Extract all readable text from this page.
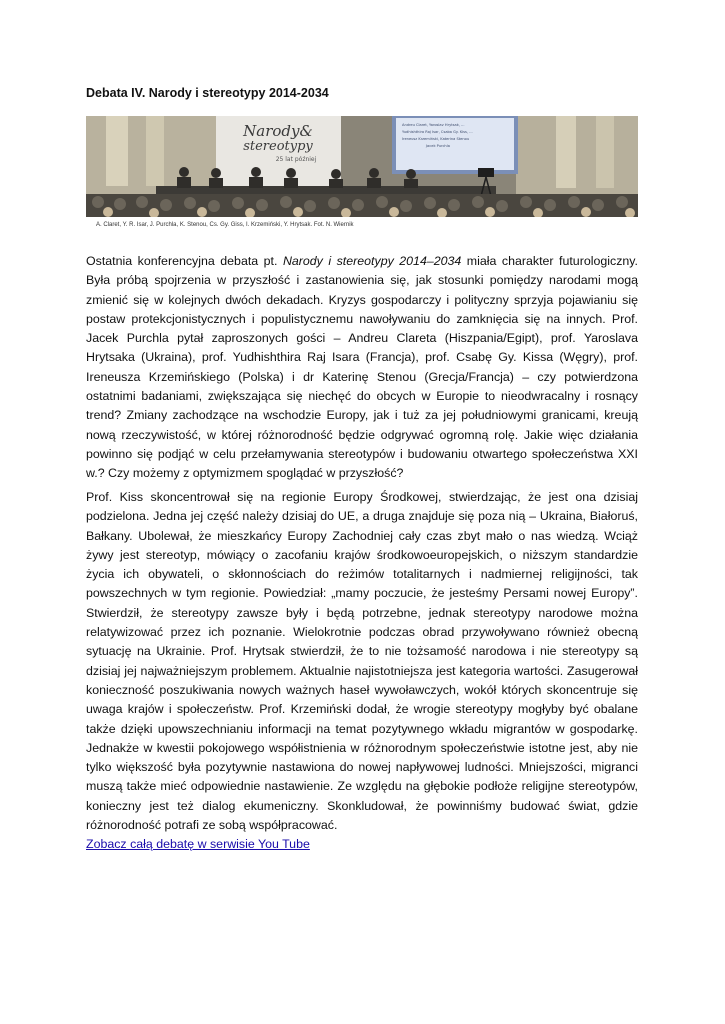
Debata IV. Narody i stereotypy 2014-2034
Narody&
stereotypy
25 lat później
Andreu Claret, Yaroslav Hrytsak, ...
Yudhishthira Raj Isar, Csaba Gy. Kiss, ...
Ireneusz Krzemiński, Katerina Stenou
Jacek Purchla
A. Claret, Y. R. Isar, J. Purchla, K. Stenou, Cs. Gy. Giss, I. Krzemiński, Y. Hrytsak. Fot. N. Wiernik

Ostatnia konferencyjna debata pt. Narody i stereotypy 2014–2034 miała charakter futurologiczny. Była próbą spojrzenia w przyszłość i zastanowienia się, jak stosunki pomiędzy narodami mogą zmienić się w kolejnych dwóch dekadach. Kryzys gospodarczy i polityczny sprzyja pojawianiu się postaw protekcjonistycznych i populistycznemu nawoływaniu do zamknięcia się na innych. Prof. Jacek Purchla pytał zaproszonych gości – Andreu Clareta (Hiszpania/Egipt), prof. Yaroslava Hrytsaka (Ukraina), prof. Yudhishthira Raj Isara (Francja), prof. Csabę Gy. Kissa (Węgry), prof. Ireneusza Krzemińskiego (Polska) i dr Katerinę Stenou (Grecja/Francja) – czy potwierdzona ostatnimi badaniami, zwiększająca się niechęć do obcych w Europie to nieodwracalny i rosnący trend? Zmiany zachodzące na wschodzie Europy, jak i tuż za jej południowymi granicami, kreują nową rzeczywistość, w której różnorodność będzie odgrywać ogromną rolę. Jakie więc działania powinno się podjąć w celu przełamywania stereotypów i budowaniu otwartego społeczeństwa XXI w.? Czy możemy z optymizmem spoglądać w przyszłość?

Prof. Kiss skoncentrował się na regionie Europy Środkowej, stwierdzając, że jest ona dzisiaj podzielona. Jedna jej część należy dzisiaj do UE, a druga znajduje się poza nią – Ukraina, Białoruś, Bałkany. Ubolewał, że mieszkańcy Europy Zachodniej cały czas zbyt mało o nas wiedzą. Wciąż żywy jest stereotyp, mówiący o zacofaniu krajów środkowoeuropejskich, o niższym standardzie życia ich obywateli, o skłonnościach do reżimów totalitarnych i nadmiernej religijności, tak powszechnych w tym regionie. Powiedział: „mamy poczucie, że jesteśmy Persami nowej Europy”. Stwierdził, że stereotypy zawsze były i będą potrzebne, jednak stereotypy narodowe można relatywizować przez ich poznanie. Wielokrotnie podczas obrad przywoływano również obecną sytuację na Ukrainie. Prof. Hrytsak stwierdził, że to nie tożsamość narodowa i nie stereotypy są dzisiaj jej najważniejszym problemem. Aktualnie najistotniejsza jest kategoria wartości. Zasugerował konieczność poszukiwania nowych ważnych haseł wywoławczych, wokół których skoncentruje się uwaga krajów i społeczeństw. Prof. Krzemiński dodał, że wrogie stereotypy mogłyby być obalane także dzięki upowszechnianiu informacji na temat pozytywnego wkładu migrantów w gospodarkę. Jednakże w kwestii pokojowego współistnienia w różnorodnym społeczeństwie istotne jest, aby nie tylko większość była pozytywnie nastawiona do nowej napływowej ludności. Mniejszości, migranci muszą także mieć odpowiednie nastawienie. Ze względu na głębokie podłoże religijne stereotypów, konieczny jest też dialog ekumeniczny. Skonkludował, że powinniśmy budować świat, gdzie różnorodność potrafi ze sobą współpracować.

Zobacz całą debatę w serwisie You Tube
